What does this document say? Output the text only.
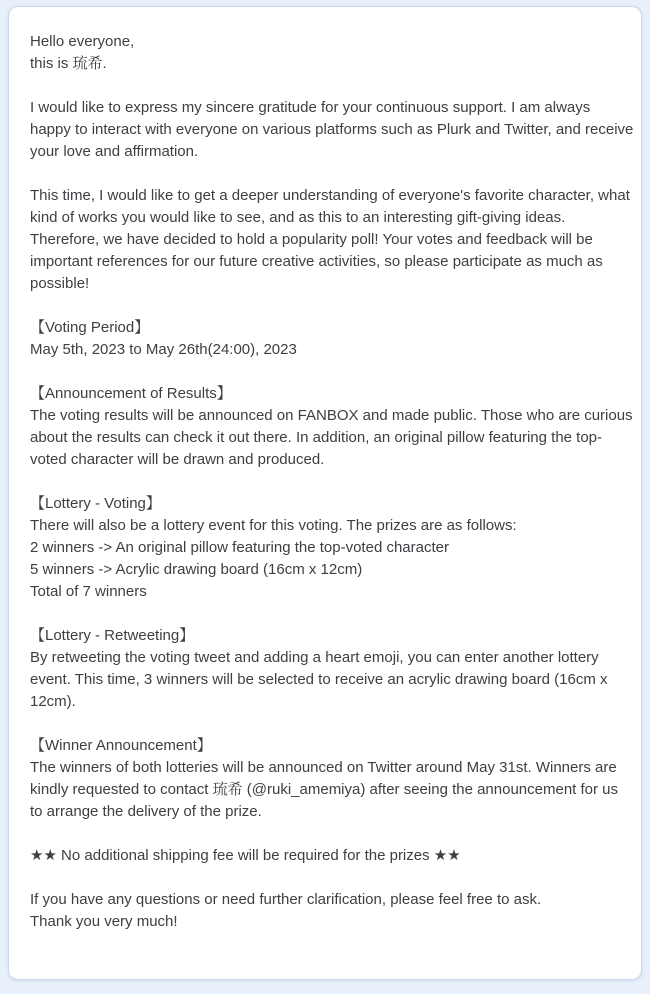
Hello everyone,
this is 琉希.

I would like to express my sincere gratitude for your continuous support. I am always
happy to interact with everyone on various platforms such as Plurk and Twitter, and receive
your love and affirmation.

This time, I would like to get a deeper understanding of everyone's favorite character, what
kind of works you would like to see, and as this to an interesting gift-giving ideas.
Therefore, we have decided to hold a popularity poll! Your votes and feedback will be
important references for our future creative activities, so please participate as much as
possible!

【Voting Period】
May 5th, 2023 to May 26th(24:00), 2023

【Announcement of Results】
The voting results will be announced on FANBOX and made public. Those who are curious
about the results can check it out there. In addition, an original pillow featuring the top-
voted character will be drawn and produced.

【Lottery - Voting】
There will also be a lottery event for this voting. The prizes are as follows:
2 winners -> An original pillow featuring the top-voted character
5 winners -> Acrylic drawing board (16cm x 12cm)
Total of 7 winners

【Lottery - Retweeting】
By retweeting the voting tweet and adding a heart emoji, you can enter another lottery
event. This time, 3 winners will be selected to receive an acrylic drawing board (16cm x
12cm).

【Winner Announcement】
The winners of both lotteries will be announced on Twitter around May 31st. Winners are
kindly requested to contact 琉希 (@ruki_amemiya) after seeing the announcement for us
to arrange the delivery of the prize.

★★ No additional shipping fee will be required for the prizes ★★

If you have any questions or need further clarification, please feel free to ask.
Thank you very much!
